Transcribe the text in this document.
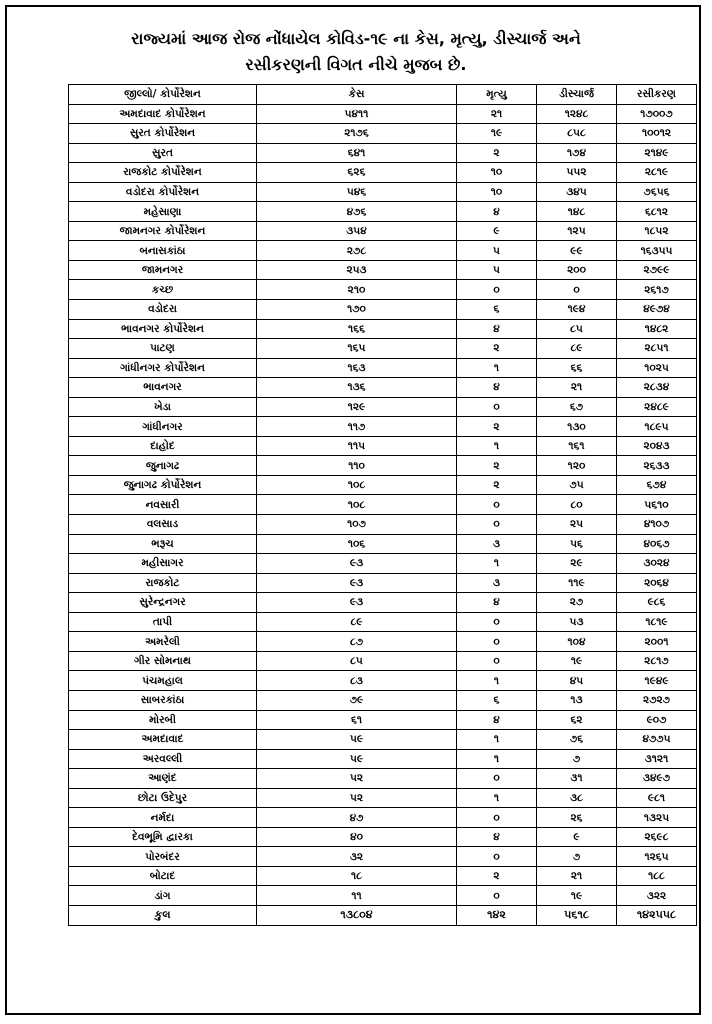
રાજ્યમાં આજ રોજ નોંધાયેલ કોવિડ-૧૯ ના કેસ, મૃત્યુ, ડીસ્ચાર્જ અને
રસીકરણની વિગત નીચે મુજબ છે.
જીલ્લો/ કોર્પોરેશન	કેસ	મૃત્યુ	ડીસ્ચાર્જ	રસીકરણ
અમદાવાદ કોર્પોરેશન	૫૪૧૧	૨૧	૧૨૪૮	૧૭૦૦૭
સુરત કોર્પોરેશન	૨૧૭૬	૧૯	૮૫૮	૧૦૦૧૨
સુરત	૬૪૧	૨	૧૭૪	૨૧૪૯
રાજકોટ કોર્પોરેશન	૬૨૬	૧૦	૫૫૨	૨૮૧૯
વડોદરા કોર્પોરેશન	૫૪૬	૧૦	૩૪૫	૭૬૫૬
મહેસાણા	૪૭૬	૪	૧૪૮	૬૮૧૨
જામનગર કોર્પોરેશન	૩૫૪	૯	૧૨૫	૧૮૫૨
બનાસકાંઠા	૨૭૮	૫	૯૯	૧૬૩૫૫
જામનગર	૨૫૩	૫	૨૦૦	૨૭૯૯
કચ્છ	૨૧૦	૦	૦	૨૬૧૭
વડોદરા	૧૭૦	૬	૧૯૪	૪૯૭૪
ભાવનગર કોર્પોરેશન	૧૬૬	૪	૮૫	૧૪૮૨
પાટણ	૧૬૫	૨	૮૯	૨૮૫૧
ગાંધીનગર કોર્પોરેશન	૧૬૩	૧	૬૬	૧૦૨૫
ભાવનગર	૧૩૬	૪	૨૧	૨૮૩૪
ખેડા	૧૨૯	૦	૬૭	૨૪૮૯
ગાંધીનગર	૧૧૭	૨	૧૩૦	૧૮૯૫
દાહોદ	૧૧૫	૧	૧૬૧	૨૦૪૩
જુનાગઢ	૧૧૦	૨	૧૨૦	૨૬૩૩
જુનાગઢ કોર્પોરેશન	૧૦૮	૨	૭૫	૬૭૪
નવસારી	૧૦૮	૦	૮૦	૫૬૧૦
વલસાડ	૧૦૭	૦	૨૫	૪૧૦૭
ભરૂચ	૧૦૬	૩	૫૬	૪૦૬૭
મહીસાગર	૯૩	૧	૨૯	૩૦૨૪
રાજકોટ	૯૩	૩	૧૧૯	૨૦૬૪
સુરેન્દ્રનગર	૯૩	૪	૨૭	૯૮૬
તાપી	૮૯	૦	૫૩	૧૮૧૯
અમરેલી	૮૭	૦	૧૦૪	૨૦૦૧
ગીર સોમનાથ	૮૫	૦	૧૯	૨૮૧૭
પંચમહાલ	૮૩	૧	૪૫	૧૯૪૯
સાબરકાંઠા	૭૯	૬	૧૩	૨૭૨૭
મોરબી	૬૧	૪	૬૨	૯૦૭
અમદાવાદ	૫૯	૧	૭૬	૪૭૭૫
અરવલ્લી	૫૯	૧	૭	૩૧૨૧
આણંદ	૫૨	૦	૩૧	૩૪૯૭
છોટા ઉદેપુર	૫૨	૧	૩૮	૯૮૧
નર્મદા	૪૭	૦	૨૬	૧૩૨૫
દેવભૂમિ દ્વારકા	૪૦	૪	૯	૨૬૯૮
પોરબંદર	૩૨	૦	૭	૧૨૬૫
બોટાદ	૧૮	૨	૨૧	૧૮૮
ડાંગ	૧૧	૦	૧૯	૩૨૨
કુલ	૧૩૮૦૪	૧૪૨	૫૬૧૮	૧૪૨૫૫૮
